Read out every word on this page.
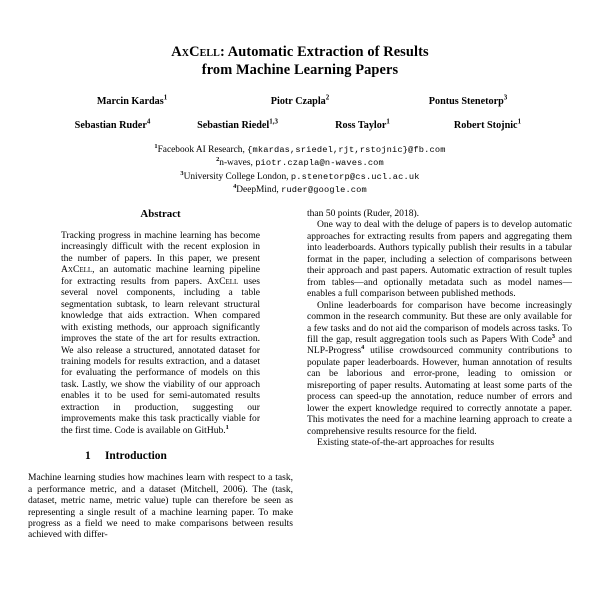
AxCell: Automatic Extraction of Results
from Machine Learning Papers
Marcin Kardas$^1$	Piotr Czapla$^2$	Pontus Stenetorp$^3$
Sebastian Ruder$^4$	Sebastian Riedel$^{1,3}$	Ross Taylor$^1$	Robert Stojnic$^1$
$^1$Facebook AI Research, {mkardas,sriedel,rjt,rstojnic}@fb.com
$^2$n-waves, piotr.czapla@n-waves.com
$^3$University College London, p.stenetorp@cs.ucl.ac.uk
$^4$DeepMind, ruder@google.com
Abstract

Tracking progress in machine learning has become increasingly difficult with the recent explosion in the number of papers. In this paper, we present AxCell, an automatic machine learning pipeline for extracting results from papers. AxCell uses several novel components, including a table segmentation subtask, to learn relevant structural knowledge that aids extraction. When compared with existing methods, our approach significantly improves the state of the art for results extraction. We also release a structured, annotated dataset for training models for results extraction, and a dataset for evaluating the performance of models on this task. Lastly, we show the viability of our approach enables it to be used for semi-automated results extraction in production, suggesting our improvements make this task practically viable for the first time. Code is available on GitHub.$^1$

1 Introduction

Machine learning studies how machines learn with respect to a task, a performance metric, and a dataset (Mitchell, 2006). The (task, dataset, metric name, metric value) tuple can therefore be seen as representing a single result of a machine learning paper. To make progress as a field we need to make comparisons between results achieved with differ-

than 50 points (Ruder, 2018).

One way to deal with the deluge of papers is to develop automatic approaches for extracting results from papers and aggregating them into leaderboards. Authors typically publish their results in a tabular format in the paper, including a selection of comparisons between their approach and past papers. Automatic extraction of result tuples from tables—and optionally metadata such as model names—enables a full comparison between published methods.

Online leaderboards for comparison have become increasingly common in the research community. But these are only available for a few tasks and do not aid the comparison of models across tasks. To fill the gap, result aggregation tools such as Papers With Code$^3$ and NLP-Progress$^4$ utilise crowdsourced community contributions to populate paper leaderboards. However, human annotation of results can be laborious and error-prone, leading to omission or misreporting of paper results. Automating at least some parts of the process can speed-up the annotation, reduce number of errors and lower the expert knowledge required to correctly annotate a paper. This motivates the need for a machine learning approach to create a comprehensive results resource for the field.

Existing state-of-the-art approaches for results
